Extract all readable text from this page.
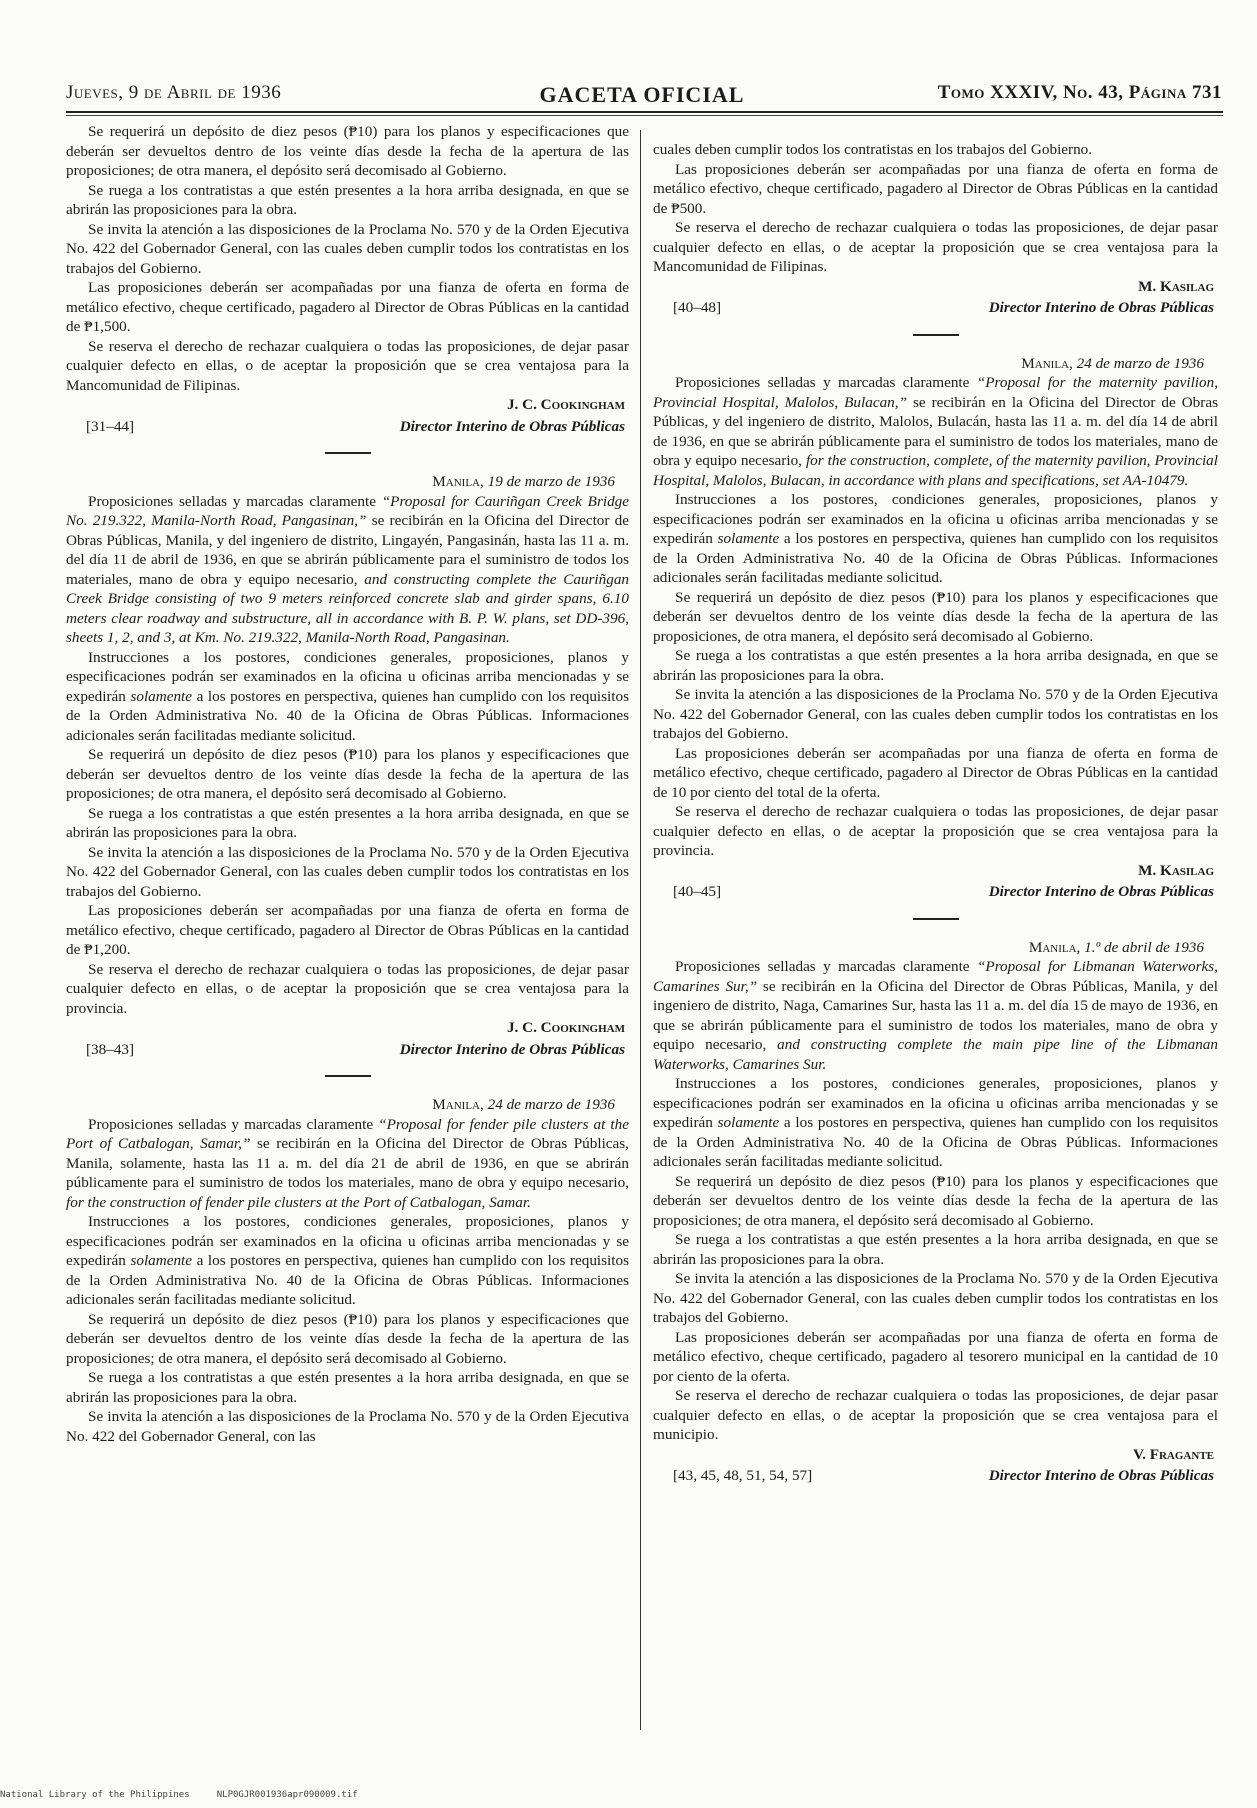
Jueves, 9 de Abril de 1936	GACETA OFICIAL	Tomo XXXIV, No. 43, Página 731

Se requerirá un depósito de diez pesos (₱10) para los planos y especificaciones que deberán ser devueltos dentro de los veinte días desde la fecha de la apertura de las proposiciones; de otra manera, el depósito será decomisado al Gobierno.

Se ruega a los contratistas a que estén presentes a la hora arriba designada, en que se abrirán las proposiciones para la obra.

Se invita la atención a las disposiciones de la Proclama No. 570 y de la Orden Ejecutiva No. 422 del Gobernador General, con las cuales deben cumplir todos los contratistas en los trabajos del Gobierno.

Las proposiciones deberán ser acompañadas por una fianza de oferta en forma de metálico efectivo, cheque certificado, pagadero al Director de Obras Públicas en la cantidad de ₱1,500.

Se reserva el derecho de rechazar cualquiera o todas las proposiciones, de dejar pasar cualquier defecto en ellas, o de aceptar la proposición que se crea ventajosa para la Mancomunidad de Filipinas.

J. C. Cookingham
[31–44]	Director Interino de Obras Públicas

Manila, 19 de marzo de 1936

Proposiciones selladas y marcadas claramente “Proposal for Cauriñgan Creek Bridge No. 219.322, Manila-North Road, Pangasinan,” se recibirán en la Oficina del Director de Obras Públicas, Manila, y del ingeniero de distrito, Lingayén, Pangasinán, hasta las 11 a. m. del día 11 de abril de 1936, en que se abrirán públicamente para el suministro de todos los materiales, mano de obra y equipo necesario, and constructing complete the Cauriñgan Creek Bridge consisting of two 9 meters reinforced concrete slab and girder spans, 6.10 meters clear roadway and substructure, all in accordance with B. P. W. plans, set DD-396, sheets 1, 2, and 3, at Km. No. 219.322, Manila-North Road, Pangasinan.

Instrucciones a los postores, condiciones generales, proposiciones, planos y especificaciones podrán ser examinados en la oficina u oficinas arriba mencionadas y se expedirán solamente a los postores en perspectiva, quienes han cumplido con los requisitos de la Orden Administrativa No. 40 de la Oficina de Obras Públicas. Informaciones adicionales serán facilitadas mediante solicitud.

Se requerirá un depósito de diez pesos (₱10) para los planos y especificaciones que deberán ser devueltos dentro de los veinte días desde la fecha de la apertura de las proposiciones; de otra manera, el depósito será decomisado al Gobierno.

Se ruega a los contratistas a que estén presentes a la hora arriba designada, en que se abrirán las proposiciones para la obra.

Se invita la atención a las disposiciones de la Proclama No. 570 y de la Orden Ejecutiva No. 422 del Gobernador General, con las cuales deben cumplir todos los contratistas en los trabajos del Gobierno.

Las proposiciones deberán ser acompañadas por una fianza de oferta en forma de metálico efectivo, cheque certificado, pagadero al Director de Obras Públicas en la cantidad de ₱1,200.

Se reserva el derecho de rechazar cualquiera o todas las proposiciones, de dejar pasar cualquier defecto en ellas, o de aceptar la proposición que se crea ventajosa para la provincia.

J. C. Cookingham
[38–43]	Director Interino de Obras Públicas

Manila, 24 de marzo de 1936

Proposiciones selladas y marcadas claramente “Proposal for fender pile clusters at the Port of Catbalogan, Samar,” se recibirán en la Oficina del Director de Obras Públicas, Manila, solamente, hasta las 11 a. m. del día 21 de abril de 1936, en que se abrirán públicamente para el suministro de todos los materiales, mano de obra y equipo necesario, for the construction of fender pile clusters at the Port of Catbalogan, Samar.

Instrucciones a los postores, condiciones generales, proposiciones, planos y especificaciones podrán ser examinados en la oficina u oficinas arriba mencionadas y se expedirán solamente a los postores en perspectiva, quienes han cumplido con los requisitos de la Orden Administrativa No. 40 de la Oficina de Obras Públicas. Informaciones adicionales serán facilitadas mediante solicitud.

Se requerirá un depósito de diez pesos (₱10) para los planos y especificaciones que deberán ser devueltos dentro de los veinte días desde la fecha de la apertura de las proposiciones; de otra manera, el depósito será decomisado al Gobierno.

Se ruega a los contratistas a que estén presentes a la hora arriba designada, en que se abrirán las proposiciones para la obra.

Se invita la atención a las disposiciones de la Proclama No. 570 y de la Orden Ejecutiva No. 422 del Gobernador General, con las

cuales deben cumplir todos los contratistas en los trabajos del Gobierno.

Las proposiciones deberán ser acompañadas por una fianza de oferta en forma de metálico efectivo, cheque certificado, pagadero al Director de Obras Públicas en la cantidad de ₱500.

Se reserva el derecho de rechazar cualquiera o todas las proposiciones, de dejar pasar cualquier defecto en ellas, o de aceptar la proposición que se crea ventajosa para la Mancomunidad de Filipinas.

M. Kasilag
[40–48]	Director Interino de Obras Públicas

Manila, 24 de marzo de 1936

Proposiciones selladas y marcadas claramente “Proposal for the maternity pavilion, Provincial Hospital, Malolos, Bulacan,” se recibirán en la Oficina del Director de Obras Públicas, y del ingeniero de distrito, Malolos, Bulacán, hasta las 11 a. m. del día 14 de abril de 1936, en que se abrirán públicamente para el suministro de todos los materiales, mano de obra y equipo necesario, for the construction, complete, of the maternity pavilion, Provincial Hospital, Malolos, Bulacan, in accordance with plans and specifications, set AA-10479.

Instrucciones a los postores, condiciones generales, proposiciones, planos y especificaciones podrán ser examinados en la oficina u oficinas arriba mencionadas y se expedirán solamente a los postores en perspectiva, quienes han cumplido con los requisitos de la Orden Administrativa No. 40 de la Oficina de Obras Públicas. Informaciones adicionales serán facilitadas mediante solicitud.

Se requerirá un depósito de diez pesos (₱10) para los planos y especificaciones que deberán ser devueltos dentro de los veinte días desde la fecha de la apertura de las proposiciones, de otra manera, el depósito será decomisado al Gobierno.

Se ruega a los contratistas a que estén presentes a la hora arriba designada, en que se abrirán las proposiciones para la obra.

Se invita la atención a las disposiciones de la Proclama No. 570 y de la Orden Ejecutiva No. 422 del Gobernador General, con las cuales deben cumplir todos los contratistas en los trabajos del Gobierno.

Las proposiciones deberán ser acompañadas por una fianza de oferta en forma de metálico efectivo, cheque certificado, pagadero al Director de Obras Públicas en la cantidad de 10 por ciento del total de la oferta.

Se reserva el derecho de rechazar cualquiera o todas las proposiciones, de dejar pasar cualquier defecto en ellas, o de aceptar la proposición que se crea ventajosa para la provincia.

M. Kasilag
[40–45]	Director Interino de Obras Públicas

Manila, 1.º de abril de 1936

Proposiciones selladas y marcadas claramente “Proposal for Libmanan Waterworks, Camarines Sur,” se recibirán en la Oficina del Director de Obras Públicas, Manila, y del ingeniero de distrito, Naga, Camarines Sur, hasta las 11 a. m. del día 15 de mayo de 1936, en que se abrirán públicamente para el suministro de todos los materiales, mano de obra y equipo necesario, and constructing complete the main pipe line of the Libmanan Waterworks, Camarines Sur.

Instrucciones a los postores, condiciones generales, proposiciones, planos y especificaciones podrán ser examinados en la oficina u oficinas arriba mencionadas y se expedirán solamente a los postores en perspectiva, quienes han cumplido con los requisitos de la Orden Administrativa No. 40 de la Oficina de Obras Públicas. Informaciones adicionales serán facilitadas mediante solicitud.

Se requerirá un depósito de diez pesos (₱10) para los planos y especificaciones que deberán ser devueltos dentro de los veinte días desde la fecha de la apertura de las proposiciones; de otra manera, el depósito será decomisado al Gobierno.

Se ruega a los contratistas a que estén presentes a la hora arriba designada, en que se abrirán las proposiciones para la obra.

Se invita la atención a las disposiciones de la Proclama No. 570 y de la Orden Ejecutiva No. 422 del Gobernador General, con las cuales deben cumplir todos los contratistas en los trabajos del Gobierno.

Las proposiciones deberán ser acompañadas por una fianza de oferta en forma de metálico efectivo, cheque certificado, pagadero al tesorero municipal en la cantidad de 10 por ciento de la oferta.

Se reserva el derecho de rechazar cualquiera o todas las proposiciones, de dejar pasar cualquier defecto en ellas, o de aceptar la proposición que se crea ventajosa para el municipio.

V. Fragante
[43, 45, 48, 51, 54, 57]	Director Interino de Obras Públicas
National Library of the Philippines	NLP0GJR001936apr090009.tif
